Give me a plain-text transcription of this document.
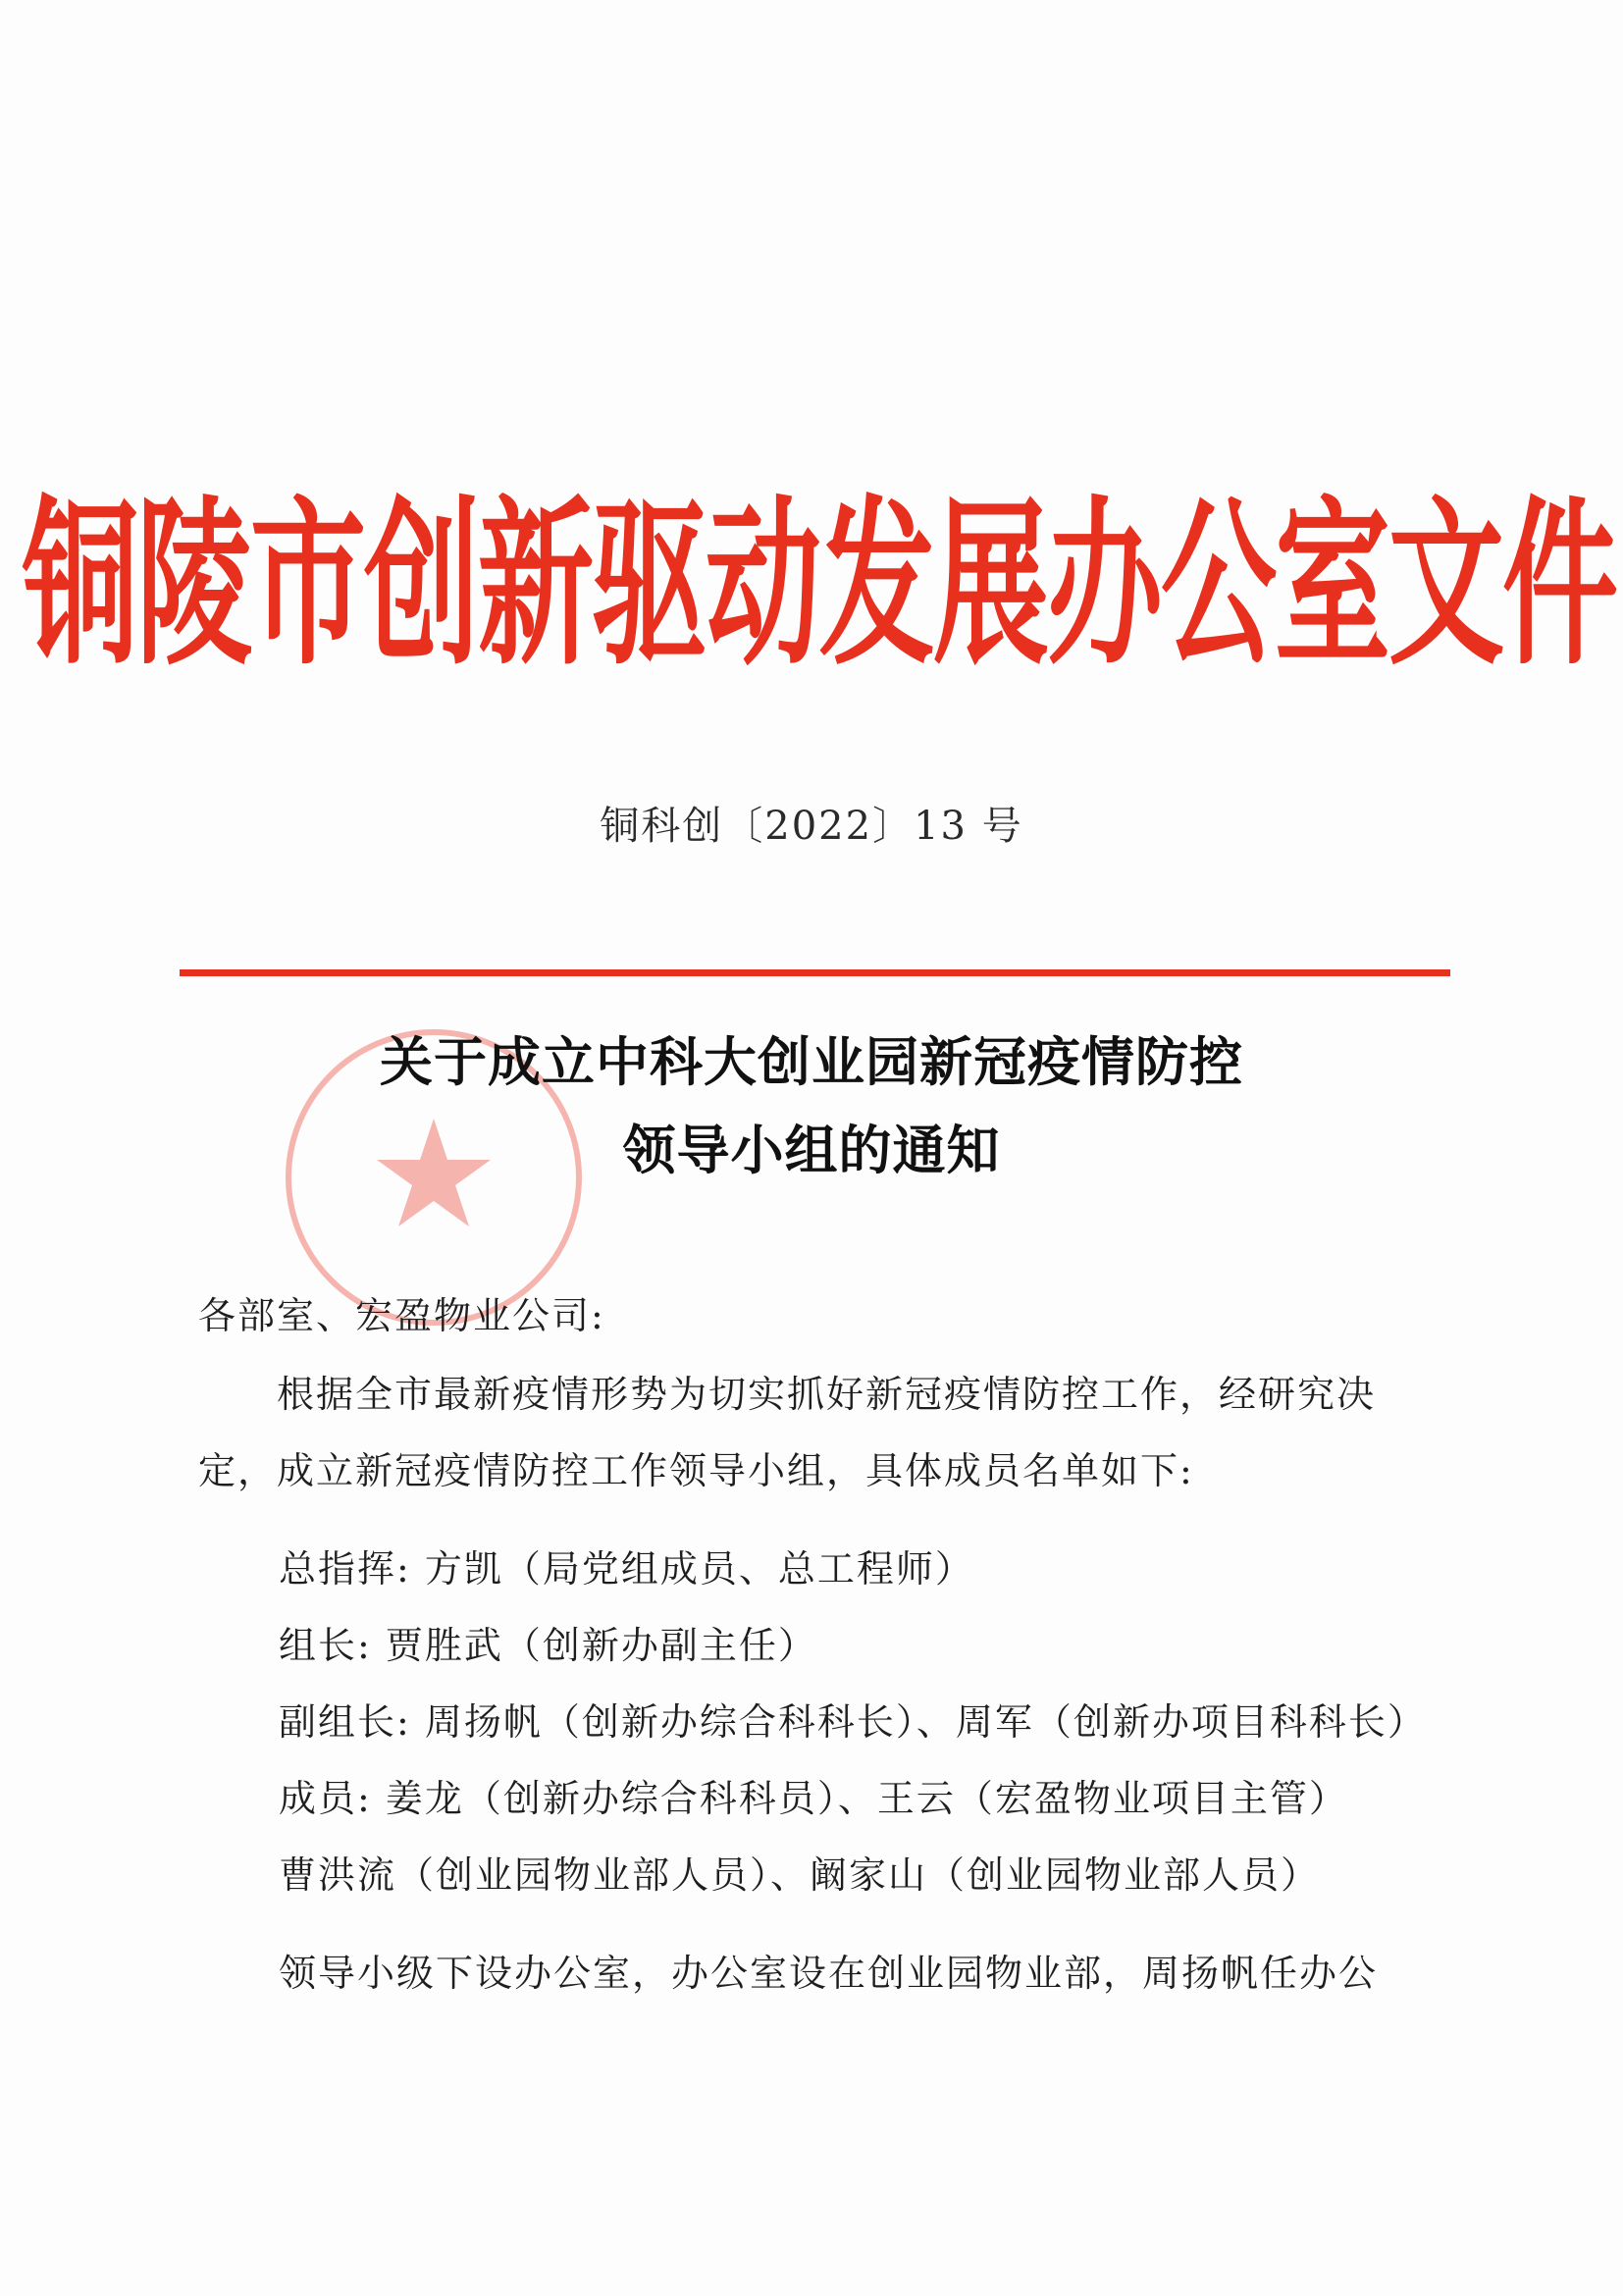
铜陵市创新驱动发展办公室文件
铜科创〔2022〕13 号
关于成立中科大创业园新冠疫情防控
领导小组的通知
各部室、宏盈物业公司:
根据全市最新疫情形势为切实抓好新冠疫情防控工作，经研究决
定，成立新冠疫情防控工作领导小组，具体成员名单如下:
总指挥: 方凯（局党组成员、总工程师）
组长: 贾胜武（创新办副主任）
副组长: 周扬帆（创新办综合科科长）、周军（创新办项目科科长）
成员: 姜龙（创新办综合科科员）、王云（宏盈物业项目主管）
曹洪流（创业园物业部人员）、阚家山（创业园物业部人员）
领导小级下设办公室，办公室设在创业园物业部，周扬帆任办公
